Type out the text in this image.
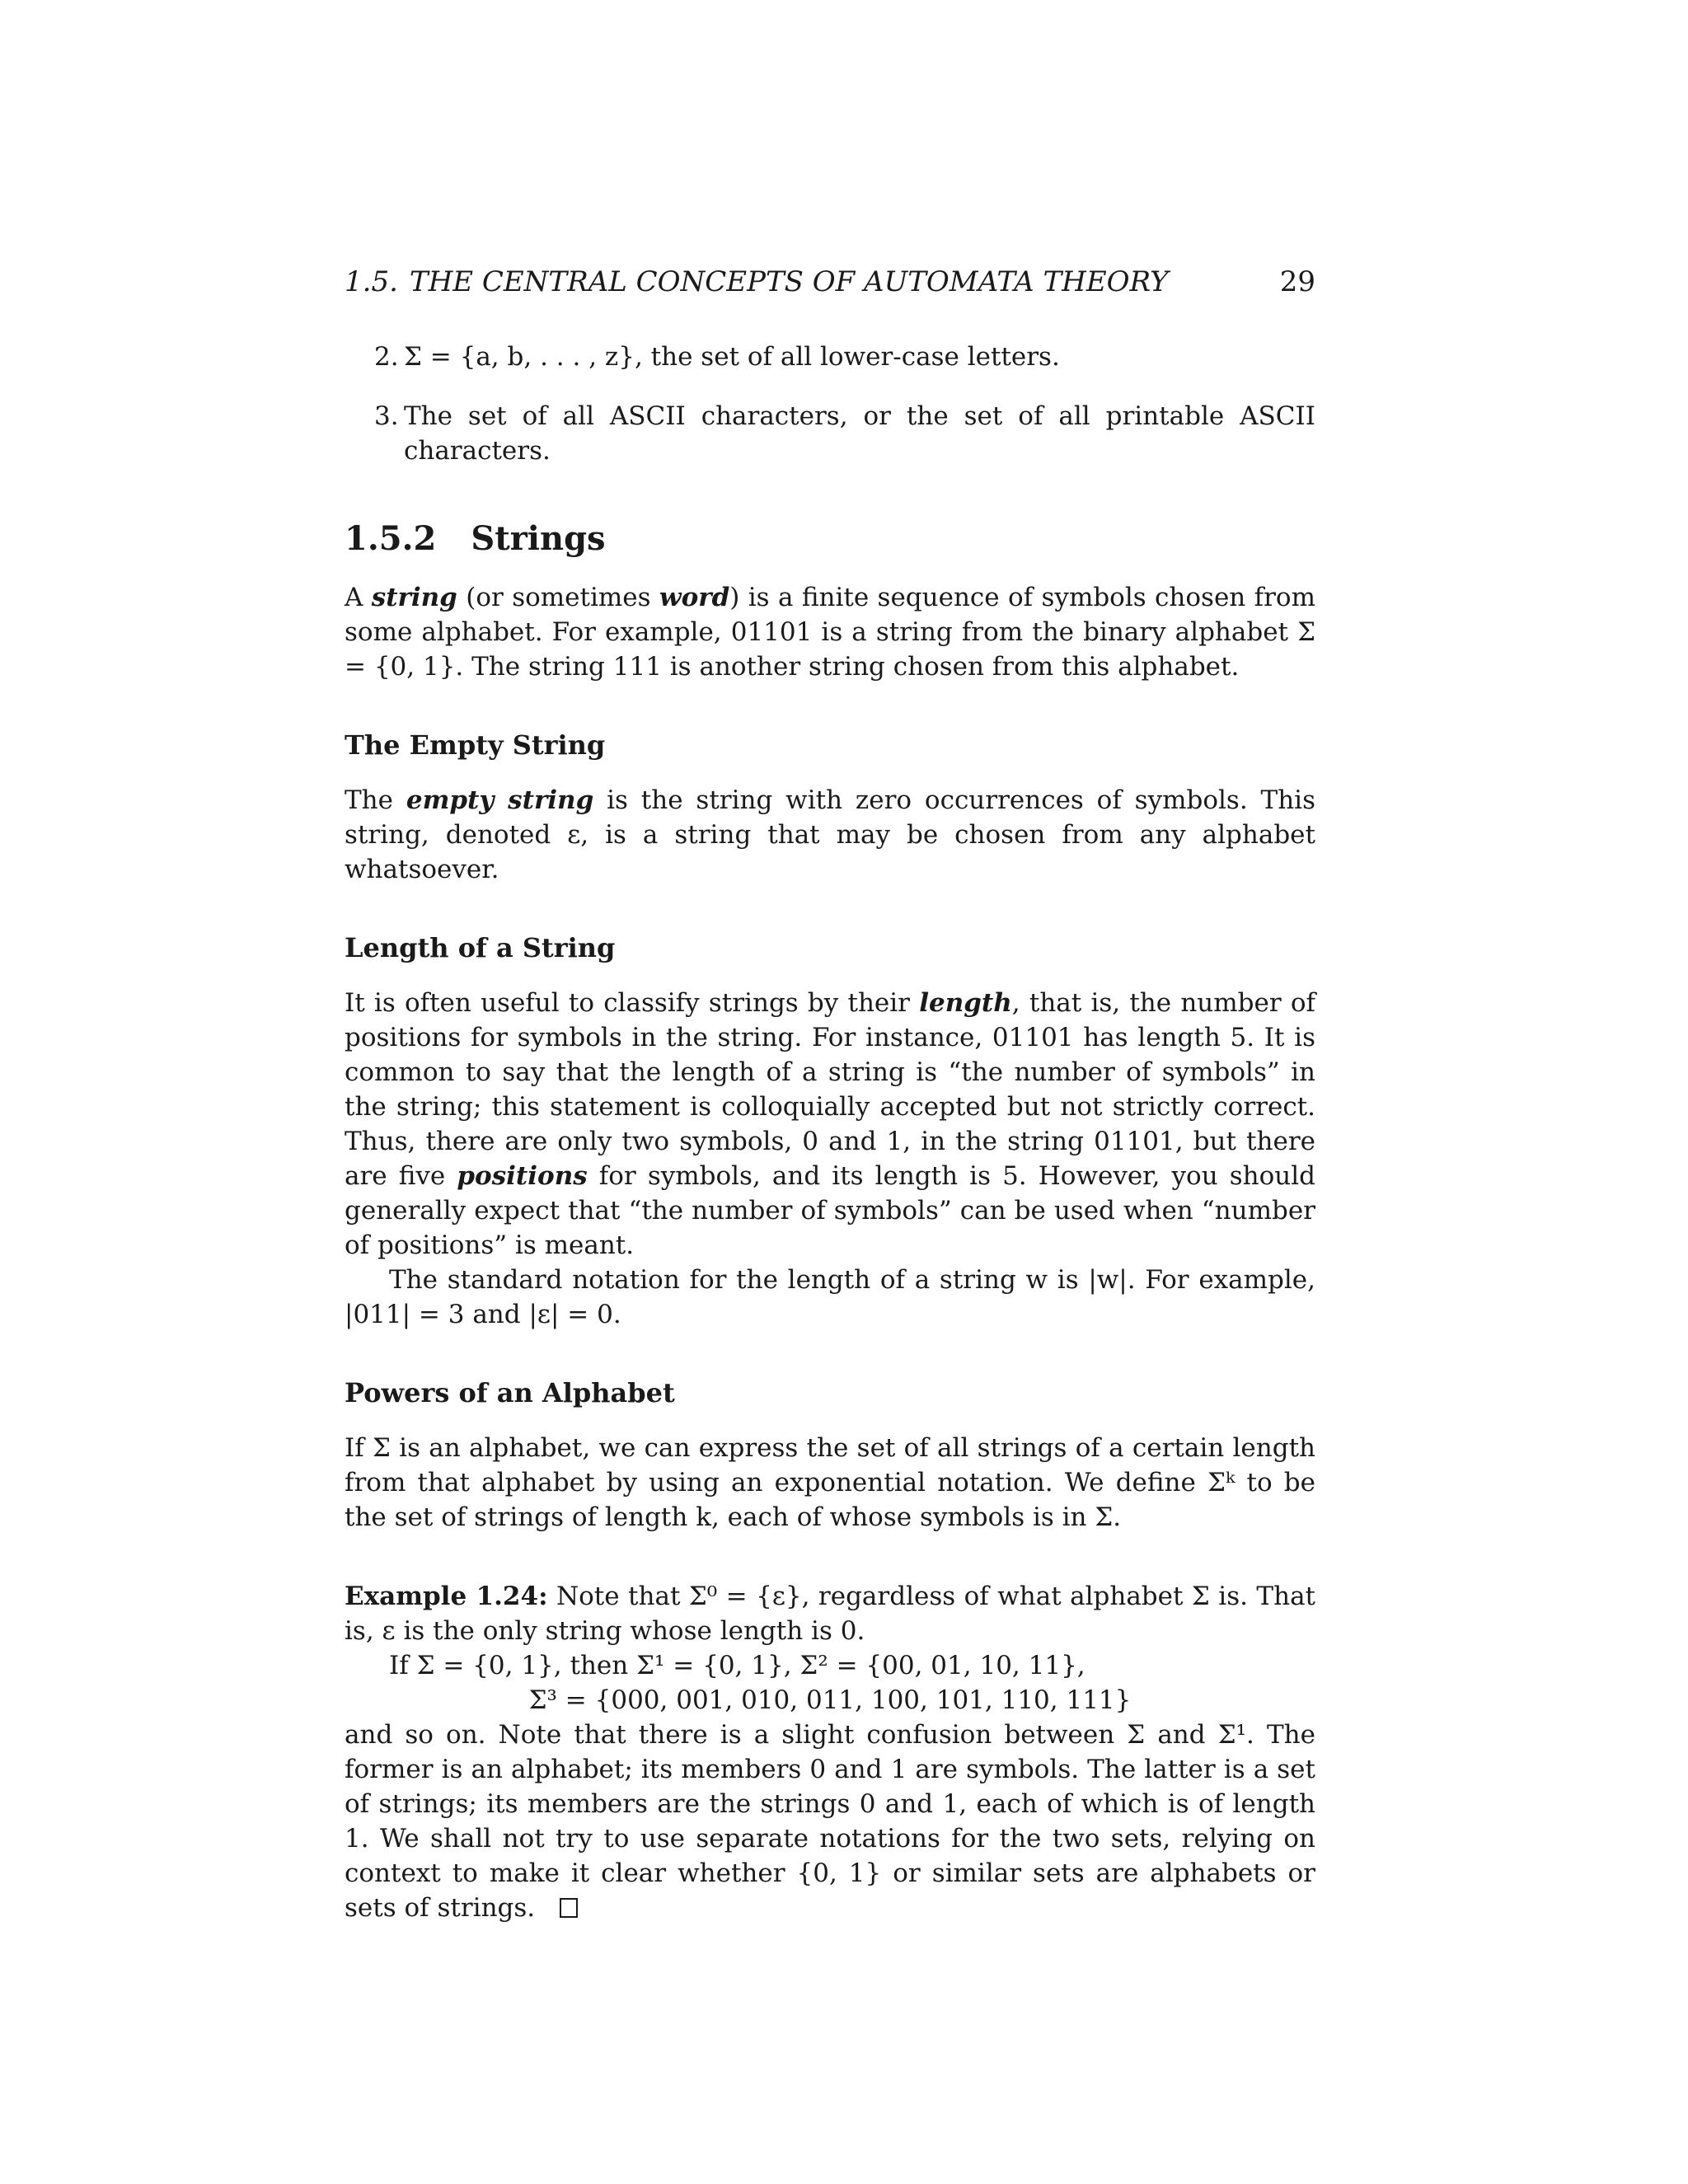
1.5. THE CENTRAL CONCEPTS OF AUTOMATA THEORY	29
2. Σ = {a, b, . . . , z}, the set of all lower-case letters.
3. The set of all ASCII characters, or the set of all printable ASCII characters.
1.5.2 Strings

A string (or sometimes word) is a finite sequence of symbols chosen from some alphabet. For example, 01101 is a string from the binary alphabet Σ = {0, 1}. The string 111 is another string chosen from this alphabet.

The Empty String

The empty string is the string with zero occurrences of symbols. This string, denoted ε, is a string that may be chosen from any alphabet whatsoever.

Length of a String

It is often useful to classify strings by their length, that is, the number of positions for symbols in the string. For instance, 01101 has length 5. It is common to say that the length of a string is “the number of symbols” in the string; this statement is colloquially accepted but not strictly correct. Thus, there are only two symbols, 0 and 1, in the string 01101, but there are five positions for symbols, and its length is 5. However, you should generally expect that “the number of symbols” can be used when “number of positions” is meant.

The standard notation for the length of a string w is |w|. For example, |011| = 3 and |ε| = 0.

Powers of an Alphabet

If Σ is an alphabet, we can express the set of all strings of a certain length from that alphabet by using an exponential notation. We define Σᵏ to be the set of strings of length k, each of whose symbols is in Σ.

Example 1.24: Note that Σ⁰ = {ε}, regardless of what alphabet Σ is. That is, ε is the only string whose length is 0.

If Σ = {0, 1}, then Σ¹ = {0, 1}, Σ² = {00, 01, 10, 11},

Σ³ = {000, 001, 010, 011, 100, 101, 110, 111}

and so on. Note that there is a slight confusion between Σ and Σ¹. The former is an alphabet; its members 0 and 1 are symbols. The latter is a set of strings; its members are the strings 0 and 1, each of which is of length 1. We shall not try to use separate notations for the two sets, relying on context to make it clear whether {0, 1} or similar sets are alphabets or sets of strings.
